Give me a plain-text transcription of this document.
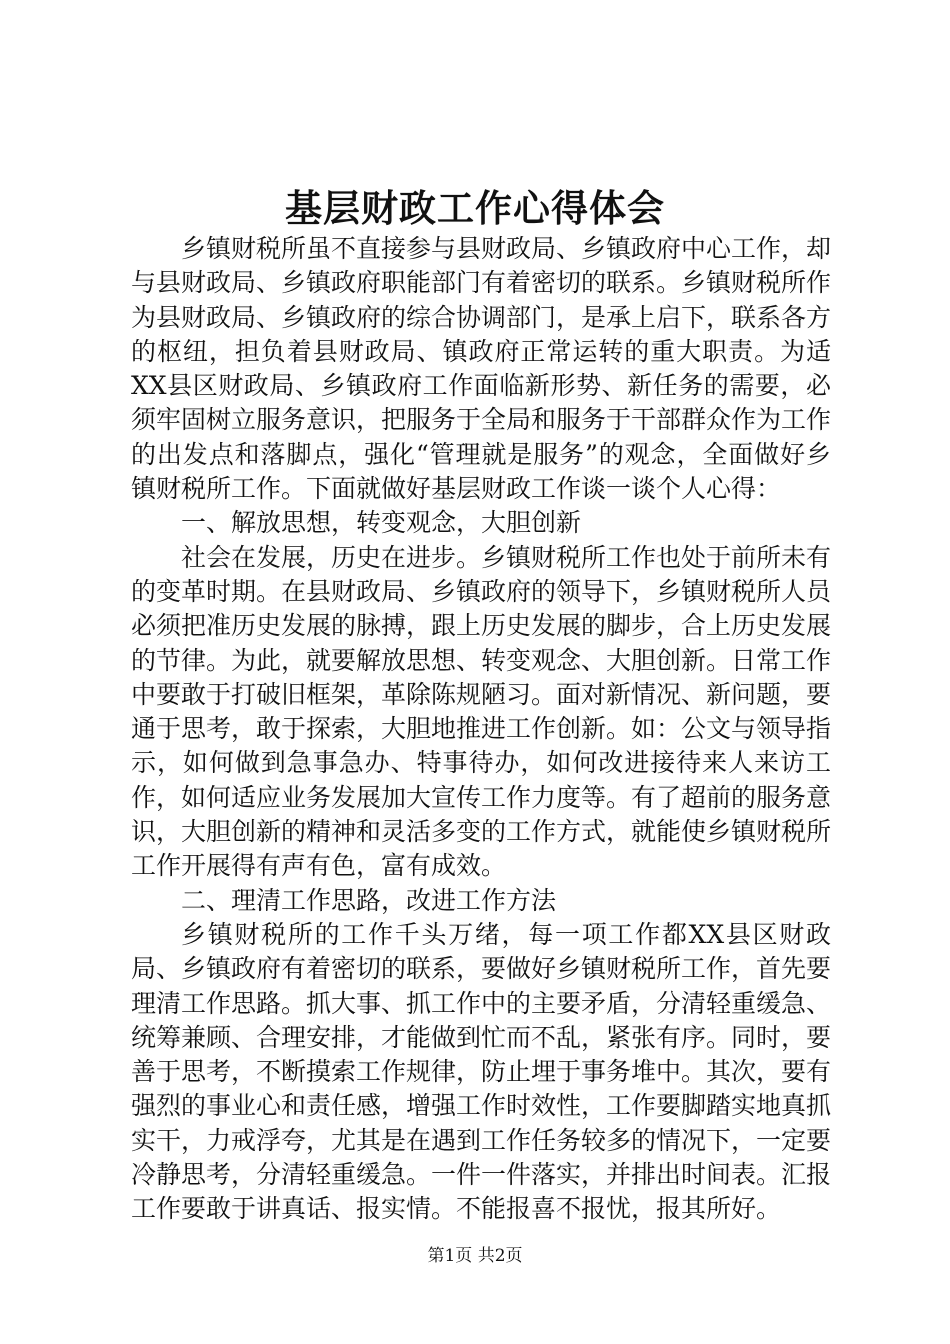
基层财政工作心得体会

乡镇财税所虽不直接参与县财政局、乡镇政府中心工作，却与县财政局、乡镇政府职能部门有着密切的联系。乡镇财税所作为县财政局、乡镇政府的综合协调部门，是承上启下，联系各方的枢纽，担负着县财政局、镇政府正常运转的重大职责。为适XX县区财政局、乡镇政府工作面临新形势、新任务的需要，必须牢固树立服务意识，把服务于全局和服务于干部群众作为工作的出发点和落脚点，强化“管理就是服务”的观念，全面做好乡镇财税所工作。下面就做好基层财政工作谈一谈个人心得：

一、解放思想，转变观念，大胆创新

社会在发展，历史在进步。乡镇财税所工作也处于前所未有的变革时期。在县财政局、乡镇政府的领导下，乡镇财税所人员必须把准历史发展的脉搏，跟上历史发展的脚步，合上历史发展的节律。为此，就要解放思想、转变观念、大胆创新。日常工作中要敢于打破旧框架，革除陈规陋习。面对新情况、新问题，要通于思考，敢于探索，大胆地推进工作创新。如：公文与领导指示，如何做到急事急办、特事待办，如何改进接待来人来访工作，如何适应业务发展加大宣传工作力度等。有了超前的服务意识，大胆创新的精神和灵活多变的工作方式，就能使乡镇财税所工作开展得有声有色，富有成效。

二、理清工作思路，改进工作方法

乡镇财税所的工作千头万绪，每一项工作都XX县区财政局、乡镇政府有着密切的联系，要做好乡镇财税所工作，首先要理清工作思路。抓大事、抓工作中的主要矛盾，分清轻重缓急、统筹兼顾、合理安排，才能做到忙而不乱，紧张有序。同时，要善于思考，不断摸索工作规律，防止埋于事务堆中。其次，要有强烈的事业心和责任感，增强工作时效性，工作要脚踏实地真抓实干，力戒浮夸，尤其是在遇到工作任务较多的情况下，一定要冷静思考，分清轻重缓急。一件一件落实，并排出时间表。汇报工作要敢于讲真话、报实情。不能报喜不报忧，报其所好。

第1页 共2页
